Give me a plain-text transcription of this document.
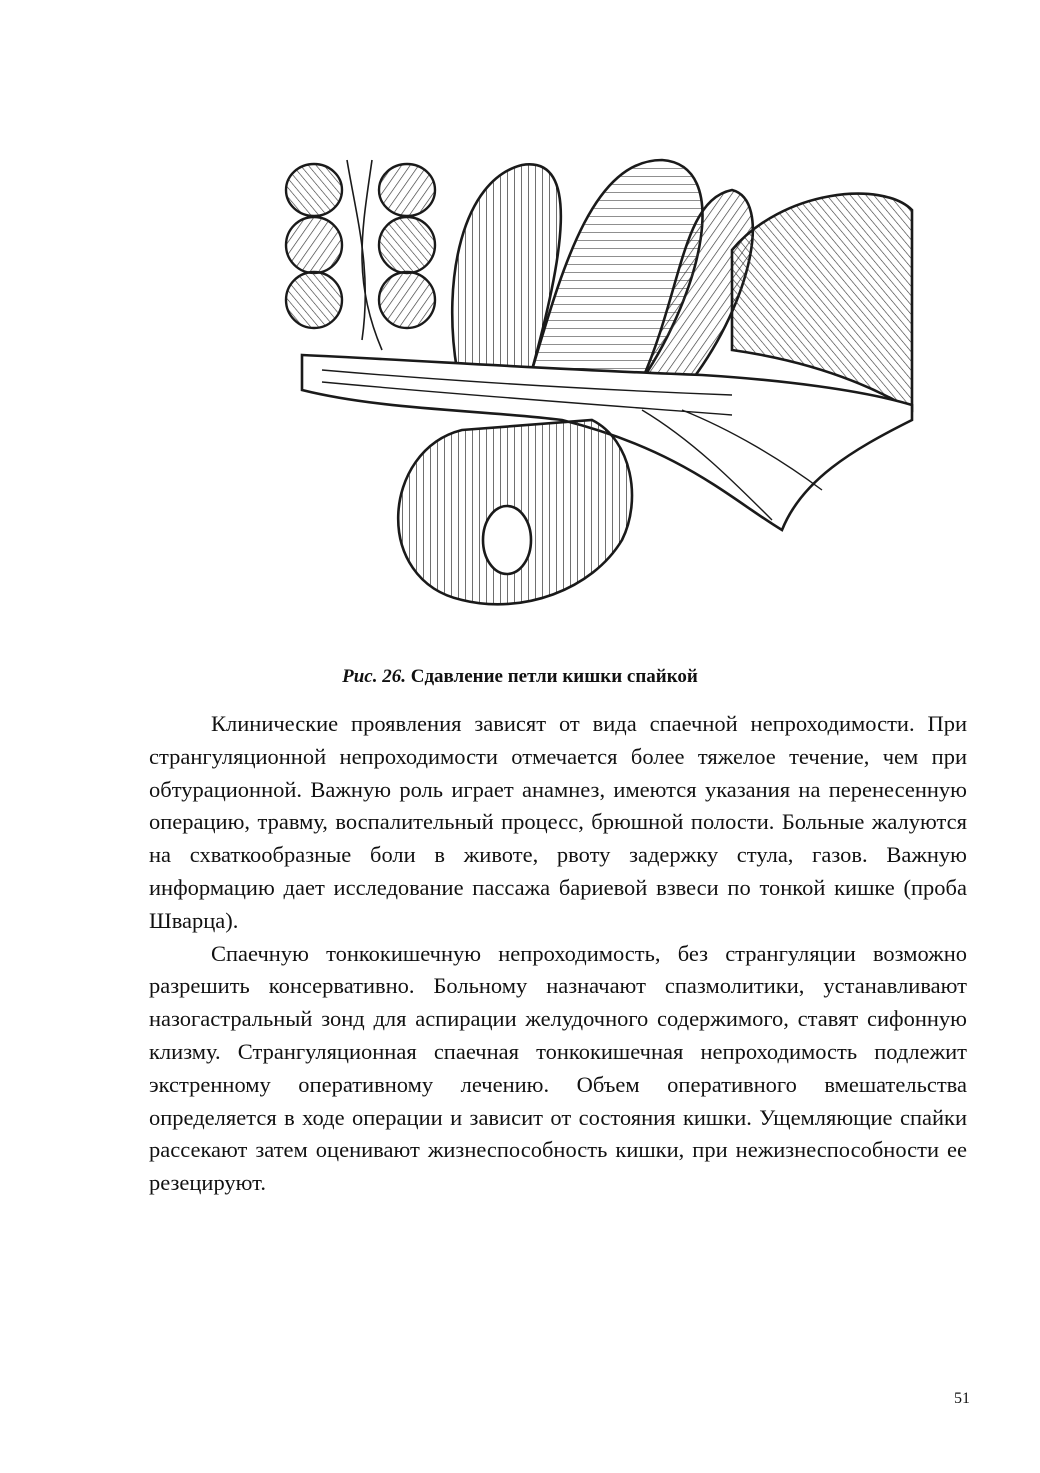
Рис. 26. Сдавление петли кишки спайкой

Клинические проявления зависят от вида спаечной непроходимости. При странгуляционной непроходимости отмечается более тяжелое течение, чем при обтурационной. Важную роль играет анамнез, имеются указания на перенесенную операцию, травму, воспалительный процесс, брюшной полости. Больные жалуются на схваткообразные боли в животе, рвоту задержку стула, газов. Важную информацию дает исследование пассажа бариевой взвеси по тонкой кишке (проба Шварца).

Спаечную тонкокишечную непроходимость, без странгуляции возможно разрешить консервативно. Больному назначают спазмолитики, устанавливают назогастральный зонд для аспирации желудочного содержимого, ставят сифонную клизму. Странгуляционная спаечная тонкокишечная непроходимость подлежит экстренному оперативному лечению. Объем оперативного вмешательства определяется в ходе операции и зависит от состояния кишки. Ущемляющие спайки рассекают затем оценивают жизнеспособность кишки, при нежизнеспособности ее резецируют.

51
